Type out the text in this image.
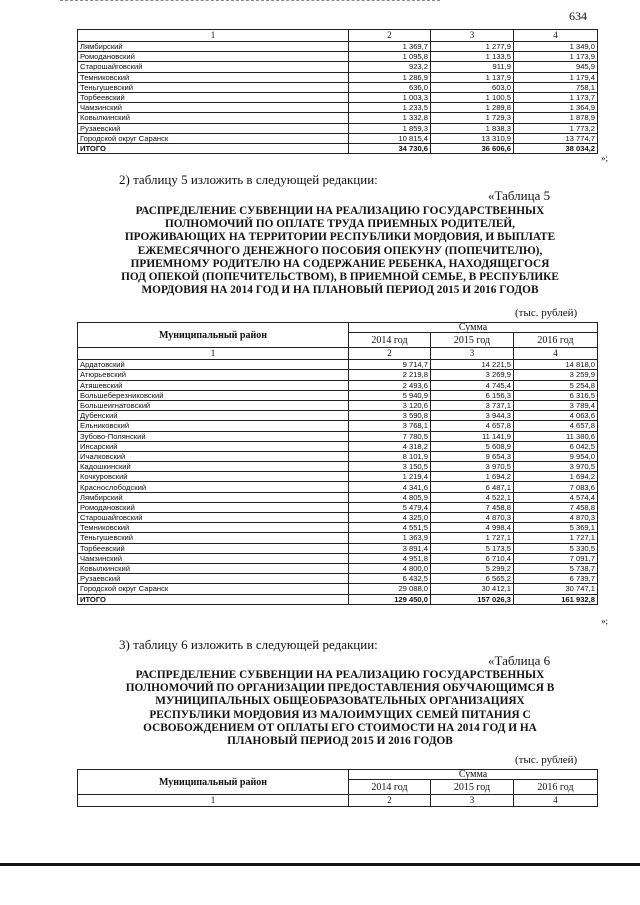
634
1	2	3	4
Лямбирский	1 369,7	1 277,9	1 349,0
Ромодановский	1 095,8	1 133,5	1 173,9
Старошайговский	923,2	911,9	945,9
Темниковский	1 286,9	1 137,9	1 179,4
Теньгушевский	636,0	603,0	758,1
Торбеевский	1 003,3	1 100,5	1 173,7
Чамзинский	1 233,5	1 289,8	1 364,9
Ковылкинский	1 332,8	1 729,3	1 878,9
Рузаевский	1 859,3	1 838,3	1 773,2
Городской округ Саранск	10 815,4	13 310,9	13 774,7
ИТОГО	34 730,6	36 606,6	38 034,2
»;
2) таблицу 5 изложить в следующей редакции:
«Таблица 5
РАСПРЕДЕЛЕНИЕ СУБВЕНЦИИ НА РЕАЛИЗАЦИЮ ГОСУДАРСТВЕННЫХ
ПОЛНОМОЧИЙ ПО ОПЛАТЕ ТРУДА ПРИЕМНЫХ РОДИТЕЛЕЙ,
ПРОЖИВАЮЩИХ НА ТЕРРИТОРИИ РЕСПУБЛИКИ МОРДОВИЯ, И ВЫПЛАТЕ
ЕЖЕМЕСЯЧНОГО ДЕНЕЖНОГО ПОСОБИЯ ОПЕКУНУ (ПОПЕЧИТЕЛЮ),
ПРИЕМНОМУ РОДИТЕЛЮ НА СОДЕРЖАНИЕ РЕБЕНКА, НАХОДЯЩЕГОСЯ
ПОД ОПЕКОЙ (ПОПЕЧИТЕЛЬСТВОМ), В ПРИЕМНОЙ СЕМЬЕ, В РЕСПУБЛИКЕ
МОРДОВИЯ НА 2014 ГОД И НА ПЛАНОВЫЙ ПЕРИОД 2015 И 2016 ГОДОВ
(тыс. рублей)
Муниципальный район	Сумма		
	2014 год	2015 год	2016 год
1	2	3	4
Ардатовский	9 714,7	14 221,5	14 818,0
Атюрьевский	2 219,8	3 269,9	3 259,9
Атяшевский	2 493,6	4 745,4	5 254,8
Большеберезниковский	5 940,9	6 156,3	6 316,5
Большеигнатовский	3 120,6	3 737,1	3 789,4
Дубенский	3 590,8	3 944,3	4 063,6
Ельниковский	3 768,1	4 657,8	4 657,8
Зубово-Полянский	7 780,5	11 141,9	11 380,6
Инсарский	4 318,2	5 608,9	6 042,5
Ичалковский	8 101,9	9 654,3	9 954,0
Кадошкинский	3 150,5	3 970,5	3 970,5
Кочкуровский	1 219,4	1 694,2	1 694,2
Краснослободский	4 341,6	6 487,1	7 083,6
Лямбирский	4 805,9	4 522,1	4 574,4
Ромодановский	5 479,4	7 458,8	7 458,8
Старошайговский	4 325,0	4 870,3	4 870,3
Темниковский	4 551,5	4 998,4	5 369,1
Теньгушевский	1 363,9	1 727,1	1 727,1
Торбеевский	3 891,4	5 173,5	5 330,5
Чамзинский	4 951,8	6 710,4	7 091,7
Ковылкинский	4 800,0	5 299,2	5 738,7
Рузаевский	6 432,5	6 565,2	6 739,7
Городской округ Саранск	29 088,0	30 412,1	30 747,1
ИТОГО	129 450,0	157 026,3	161 932,8
»;
3) таблицу 6 изложить в следующей редакции:
«Таблица 6
РАСПРЕДЕЛЕНИЕ СУБВЕНЦИИ НА РЕАЛИЗАЦИЮ ГОСУДАРСТВЕННЫХ
ПОЛНОМОЧИЙ ПО ОРГАНИЗАЦИИ ПРЕДОСТАВЛЕНИЯ ОБУЧАЮЩИМСЯ В
МУНИЦИПАЛЬНЫХ ОБЩЕОБРАЗОВАТЕЛЬНЫХ ОРГАНИЗАЦИЯХ
РЕСПУБЛИКИ МОРДОВИЯ ИЗ МАЛОИМУЩИХ СЕМЕЙ ПИТАНИЯ С
ОСВОБОЖДЕНИЕМ ОТ ОПЛАТЫ ЕГО СТОИМОСТИ НА 2014 ГОД И НА
ПЛАНОВЫЙ ПЕРИОД 2015 И 2016 ГОДОВ
(тыс. рублей)
Муниципальный район	Сумма		
	2014 год	2015 год	2016 год
1	2	3	4
